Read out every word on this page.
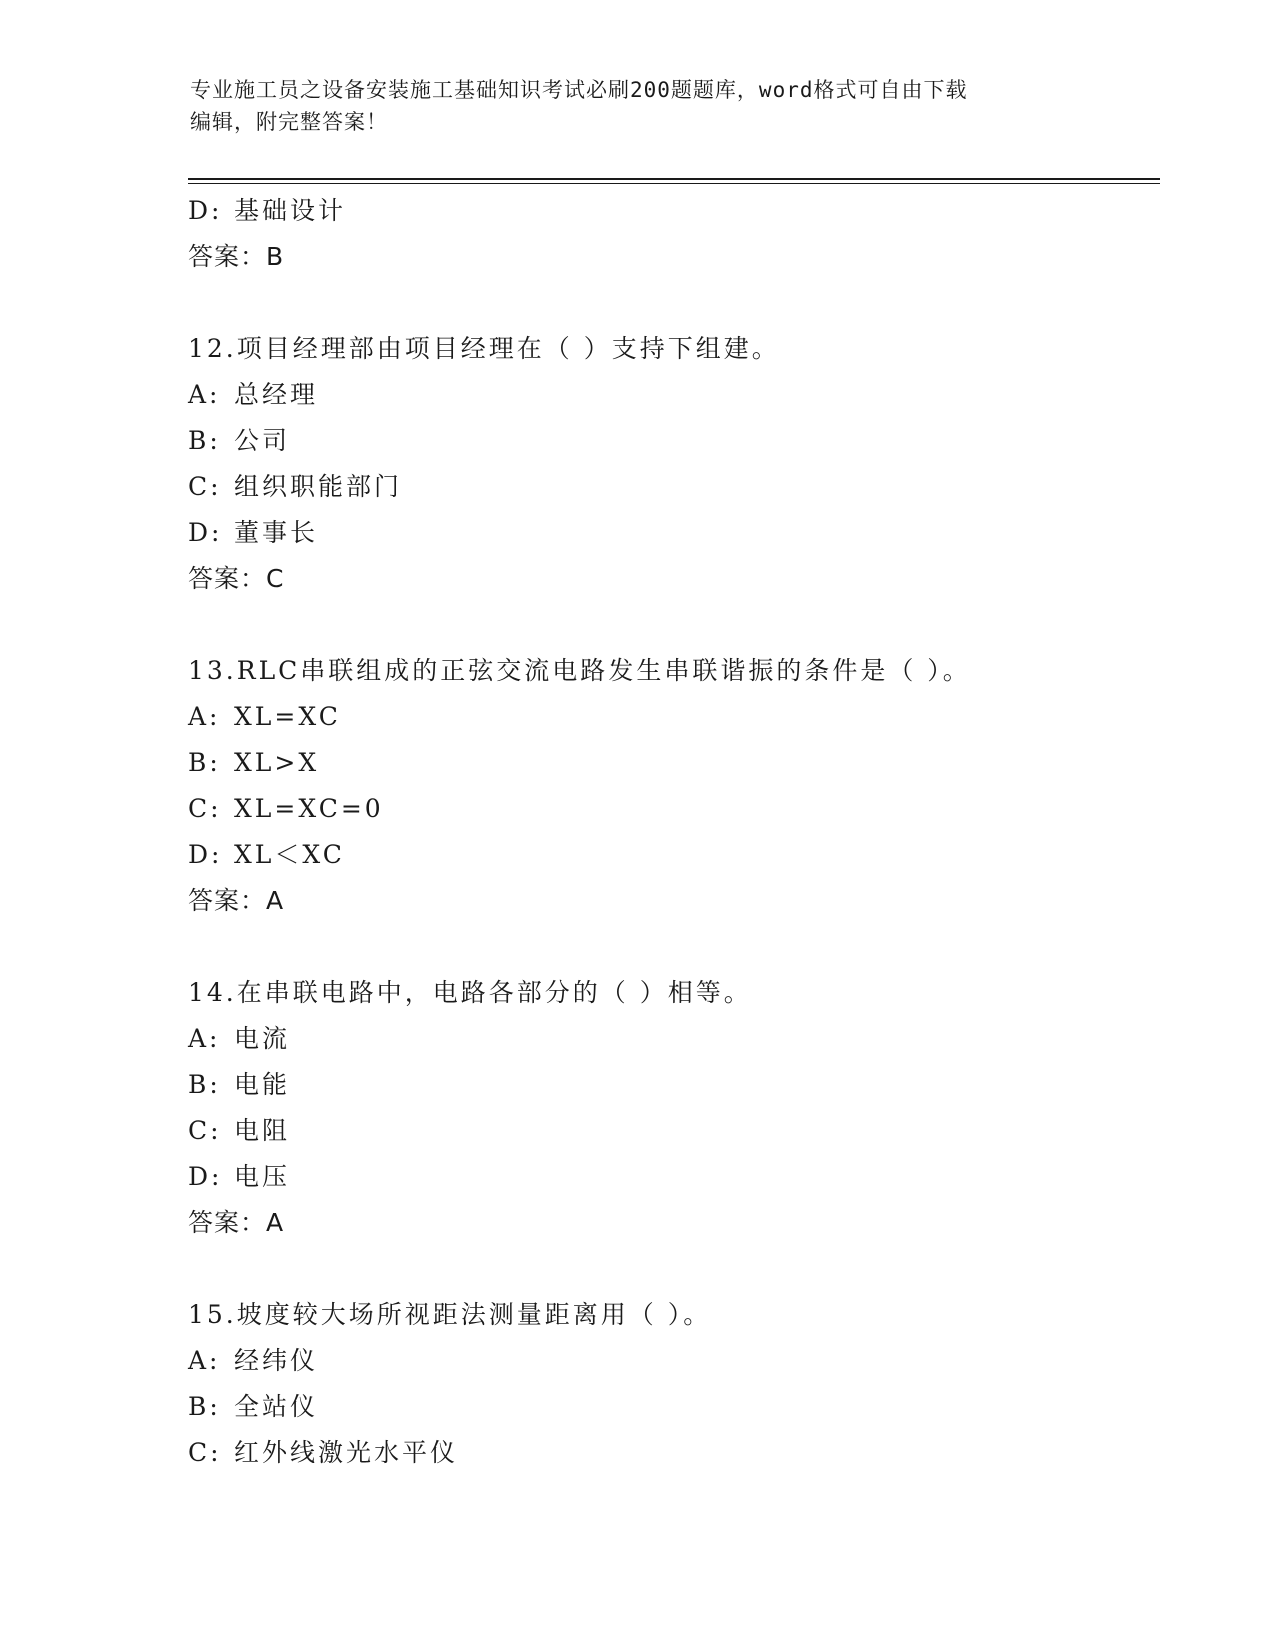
专业施工员之设备安装施工基础知识考试必刷200题题库，word格式可自由下载
编辑，附完整答案！
D: 基础设计
答案：B
12.项目经理部由项目经理在（ ）支持下组建。
A: 总经理
B: 公司
C: 组织职能部门
D: 董事长
答案：C
13.RLC串联组成的正弦交流电路发生串联谐振的条件是（ ）。
A: XL=XC
B: XL>X
C: XL=XC=0
D: XL＜XC
答案：A
14.在串联电路中，电路各部分的（ ）相等。
A: 电流
B: 电能
C: 电阻
D: 电压
答案：A
15.坡度较大场所视距法测量距离用（ ）。
A: 经纬仪
B: 全站仪
C: 红外线激光水平仪
